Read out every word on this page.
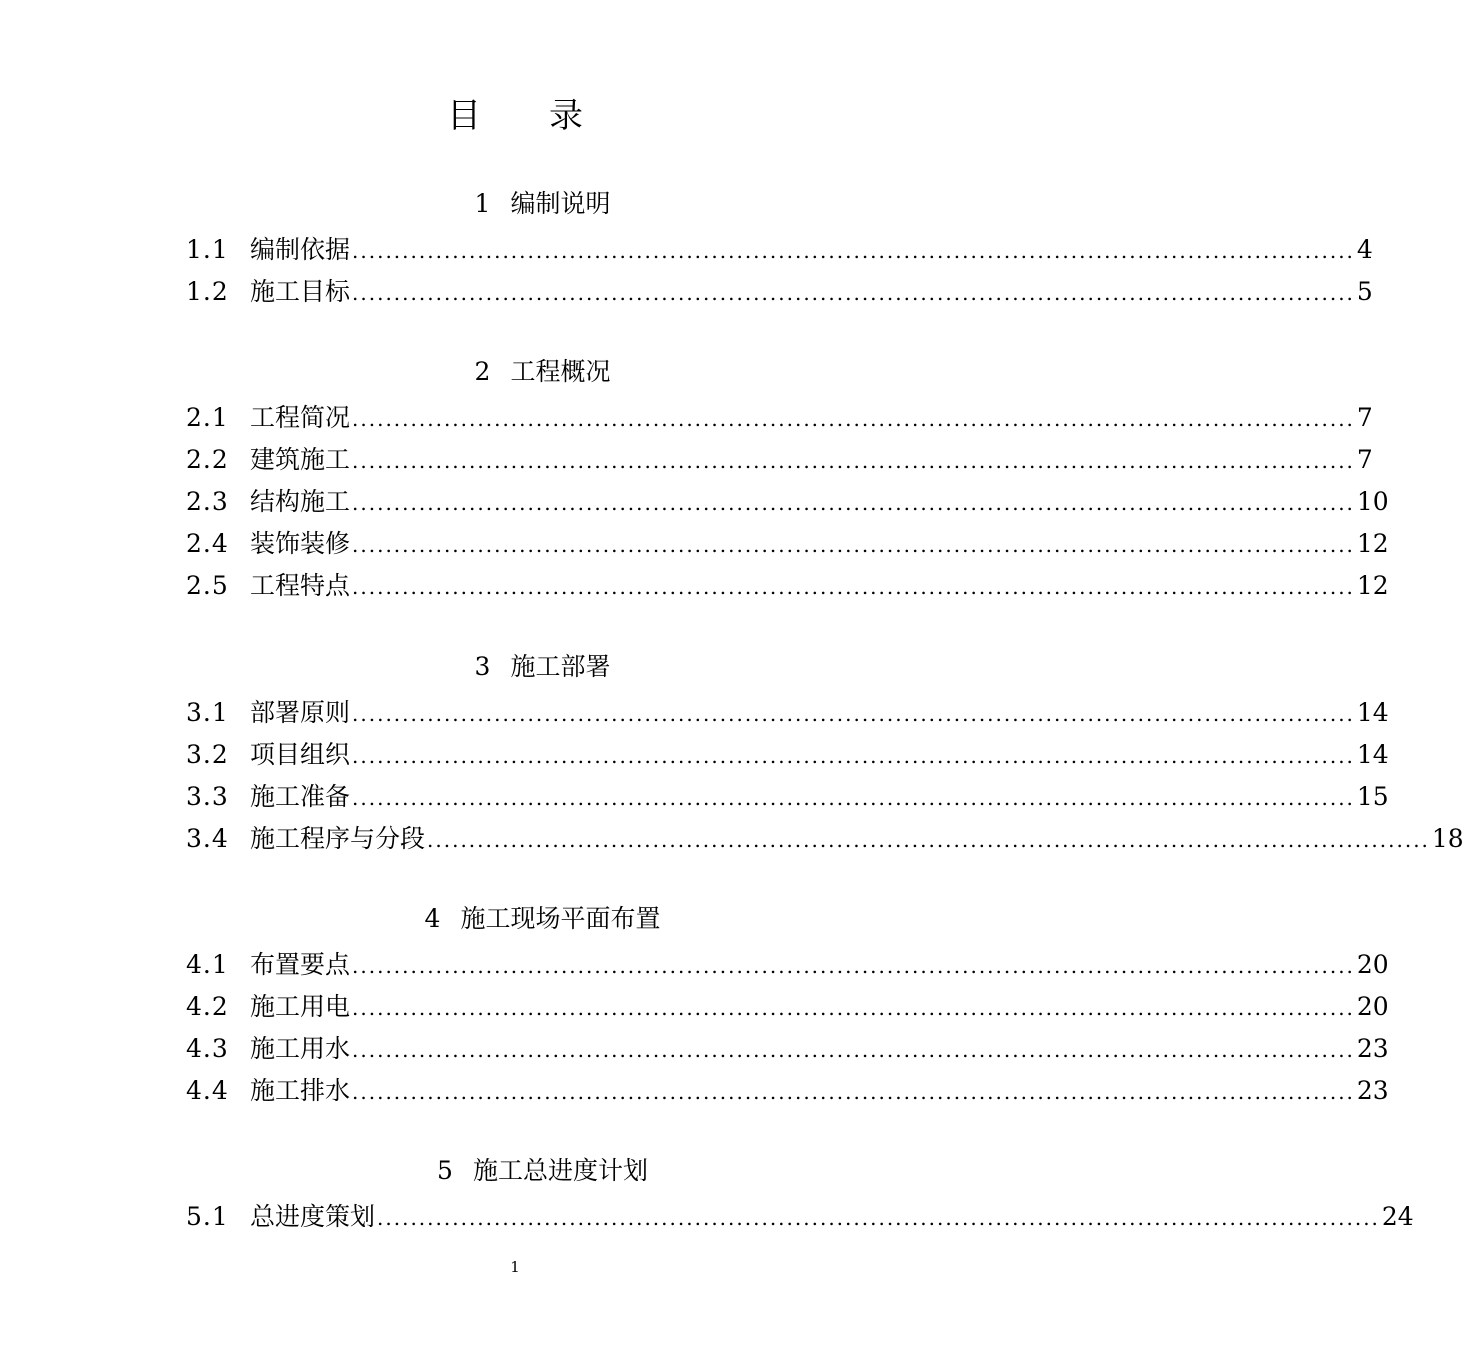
目 录
1 编制说明
1.1 编制依据 ........................................................................................................................ 4
1.2 施工目标 ........................................................................................................................ 5
2 工程概况
2.1 工程简况 ........................................................................................................................ 7
2.2 建筑施工 ........................................................................................................................ 7
2.3 结构施工 ........................................................................................................................ 10
2.4 装饰装修 ........................................................................................................................ 12
2.5 工程特点 ........................................................................................................................ 12
3 施工部署
3.1 部署原则 ........................................................................................................................ 14
3.2 项目组织 ........................................................................................................................ 14
3.3 施工准备 ........................................................................................................................ 15
3.4 施工程序与分段 ........................................................................................................................ 18
4 施工现场平面布置
4.1 布置要点 ........................................................................................................................ 20
4.2 施工用电 ........................................................................................................................ 20
4.3 施工用水 ........................................................................................................................ 23
4.4 施工排水 ........................................................................................................................ 23
5 施工总进度计划
5.1 总进度策划 ........................................................................................................................ 24
1
